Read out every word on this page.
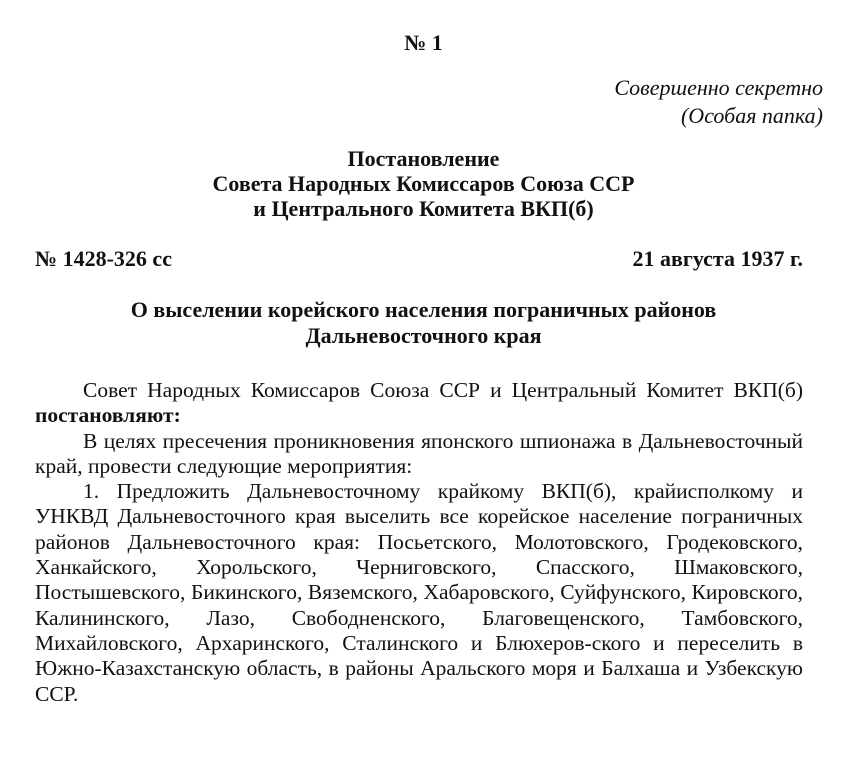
№ 1
Совершенно секретно
(Особая папка)
Постановление
Совета Народных Комиссаров Союза ССР
и Центрального Комитета ВКП(б)
№ 1428-326 сс	21 августа 1937 г.
О выселении корейского населения пограничных районов
Дальневосточного края

Совет Народных Комиссаров Союза ССР и Центральный Комитет ВКП(б) постановляют:

В целях пресечения проникновения японского шпионажа в Дальневосточный край, провести следующие мероприятия:

1. Предложить Дальневосточному крайкому ВКП(б), крайисполкому и УНКВД Дальневосточного края выселить все корейское население пограничных районов Дальневосточного края: Посьетского, Молотовского, Гродековского, Ханкайского, Хорольского, Черниговского, Спасского, Шмаковского, Постышевского, Бикинского, Вяземского, Хабаровского, Суйфунского, Кировского, Калининского, Лазо, Свободненского, Благовещенского, Тамбовского, Михайловского, Архаринского, Сталинского и Блюхеров-ского и переселить в Южно-Казахстанскую область, в районы Аральского моря и Балхаша и Узбекскую ССР.
